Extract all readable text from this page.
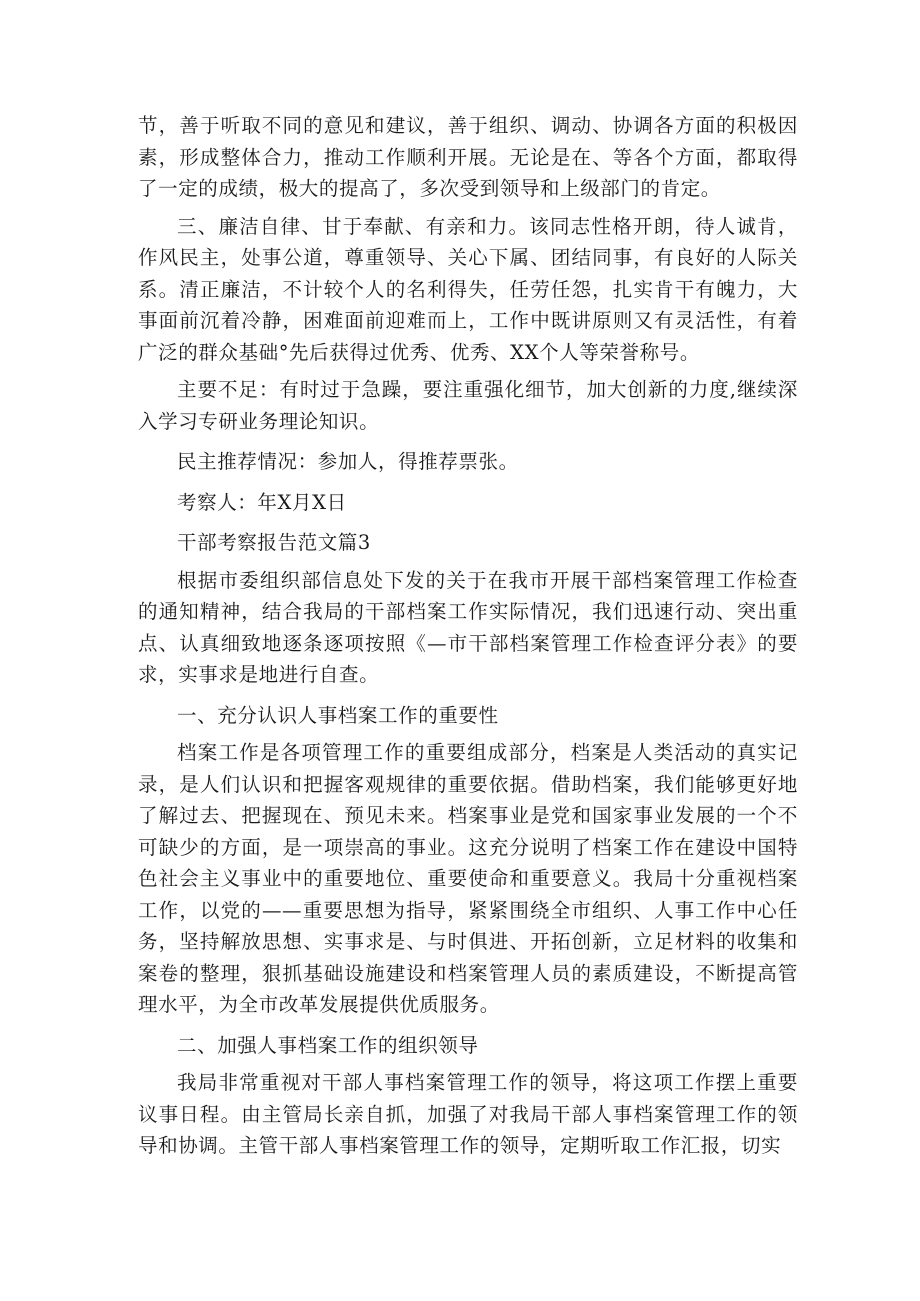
节，善于听取不同的意见和建议，善于组织、调动、协调各方面的积极因素，形成整体合力，推动工作顺利开展。无论是在、等各个方面，都取得了一定的成绩，极大的提高了，多次受到领导和上级部门的肯定。

三、廉洁自律、甘于奉献、有亲和力。该同志性格开朗，待人诚肯，作风民主，处事公道，尊重领导、关心下属、团结同事，有良好的人际关系。清正廉洁，不计较个人的名利得失，任劳任怨，扎实肯干有魄力，大事面前沉着冷静，困难面前迎难而上，工作中既讲原则又有灵活性，有着广泛的群众基础°先后获得过优秀、优秀、XX个人等荣誉称号。

主要不足：有时过于急躁，要注重强化细节，加大创新的力度,继续深入学习专研业务理论知识。

民主推荐情况：参加人，得推荐票张。

考察人：年X月X日

干部考察报告范文篇3

根据市委组织部信息处下发的关于在我市开展干部档案管理工作检查的通知精神，结合我局的干部档案工作实际情况，我们迅速行动、突出重点、认真细致地逐条逐项按照《—市干部档案管理工作检查评分表》的要求，实事求是地进行自查。

一、充分认识人事档案工作的重要性

档案工作是各项管理工作的重要组成部分，档案是人类活动的真实记录，是人们认识和把握客观规律的重要依据。借助档案，我们能够更好地了解过去、把握现在、预见未来。档案事业是党和国家事业发展的一个不可缺少的方面，是一项崇高的事业。这充分说明了档案工作在建设中国特色社会主义事业中的重要地位、重要使命和重要意义。我局十分重视档案工作，以党的——重要思想为指导，紧紧围绕全市组织、人事工作中心任务，坚持解放思想、实事求是、与时俱进、开拓创新，立足材料的收集和案卷的整理，狠抓基础设施建设和档案管理人员的素质建设，不断提高管理水平，为全市改革发展提供优质服务。

二、加强人事档案工作的组织领导

我局非常重视对干部人事档案管理工作的领导，将这项工作摆上重要议事日程。由主管局长亲自抓，加强了对我局干部人事档案管理工作的领导和协调。主管干部人事档案管理工作的领导，定期听取工作汇报，切实
